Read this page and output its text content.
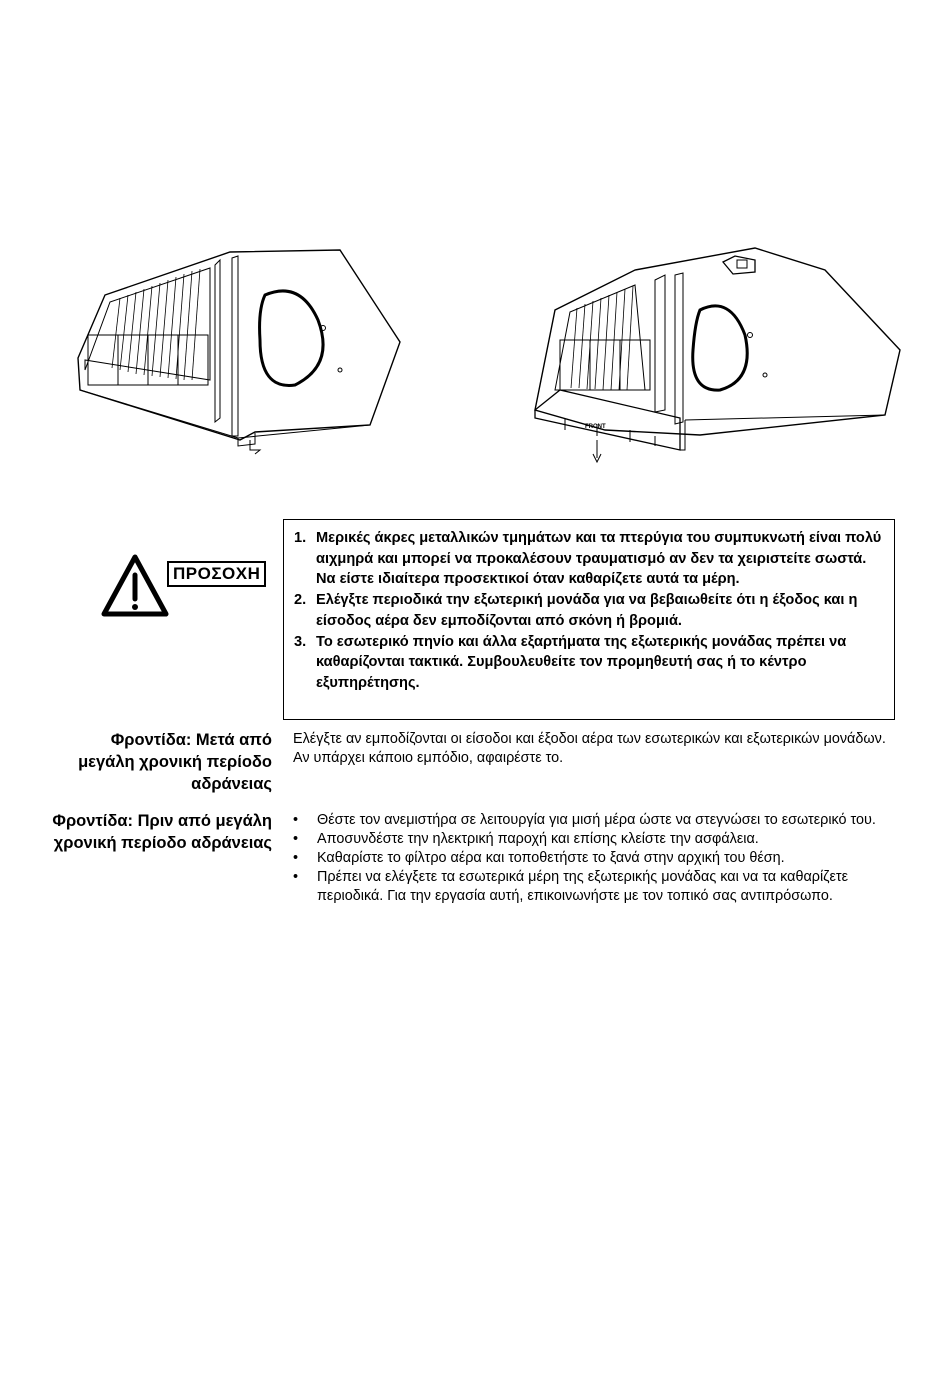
FRONT
ΠΡΟΣΟΧΗ
1. Μερικές άκρες μεταλλικών τμημάτων και τα πτερύγια του συμπυκνωτή είναι πολύ αιχμηρά και μπορεί να προκαλέσουν τραυματισμό αν δεν τα χειριστείτε σωστά. Να είστε ιδιαίτερα προσεκτικοί όταν καθαρίζετε αυτά τα μέρη.
2. Ελέγξτε περιοδικά την εξωτερική μονάδα για να βεβαιωθείτε ότι η έξοδος και η είσοδος αέρα δεν εμποδίζονται από σκόνη ή βρομιά.
3. Το εσωτερικό πηνίο και άλλα εξαρτήματα της εξωτερικής μονάδας πρέπει να καθαρίζονται τακτικά. Συμβουλευθείτε τον προμηθευτή σας ή το κέντρο εξυπηρέτησης.
Φροντίδα: Μετά από μεγάλη χρονική περίοδο αδράνειας
Ελέγξτε αν εμποδίζονται οι είσοδοι και έξοδοι αέρα των εσωτερικών και εξωτερικών μονάδων. Αν υπάρχει κάποιο εμπόδιο, αφαιρέστε το.
Φροντίδα: Πριν από μεγάλη χρονική περίοδο αδράνειας
• Θέστε τον ανεμιστήρα σε λειτουργία για μισή μέρα ώστε να στεγνώσει το εσωτερικό του.
• Αποσυνδέστε την ηλεκτρική παροχή και επίσης κλείστε την ασφάλεια.
• Καθαρίστε το φίλτρο αέρα και τοποθετήστε το ξανά στην αρχική του θέση.
• Πρέπει να ελέγξετε τα εσωτερικά μέρη της εξωτερικής μονάδας και να τα καθαρίζετε περιοδικά. Για την εργασία αυτή, επικοινωνήστε με τον τοπικό σας αντιπρόσωπο.
